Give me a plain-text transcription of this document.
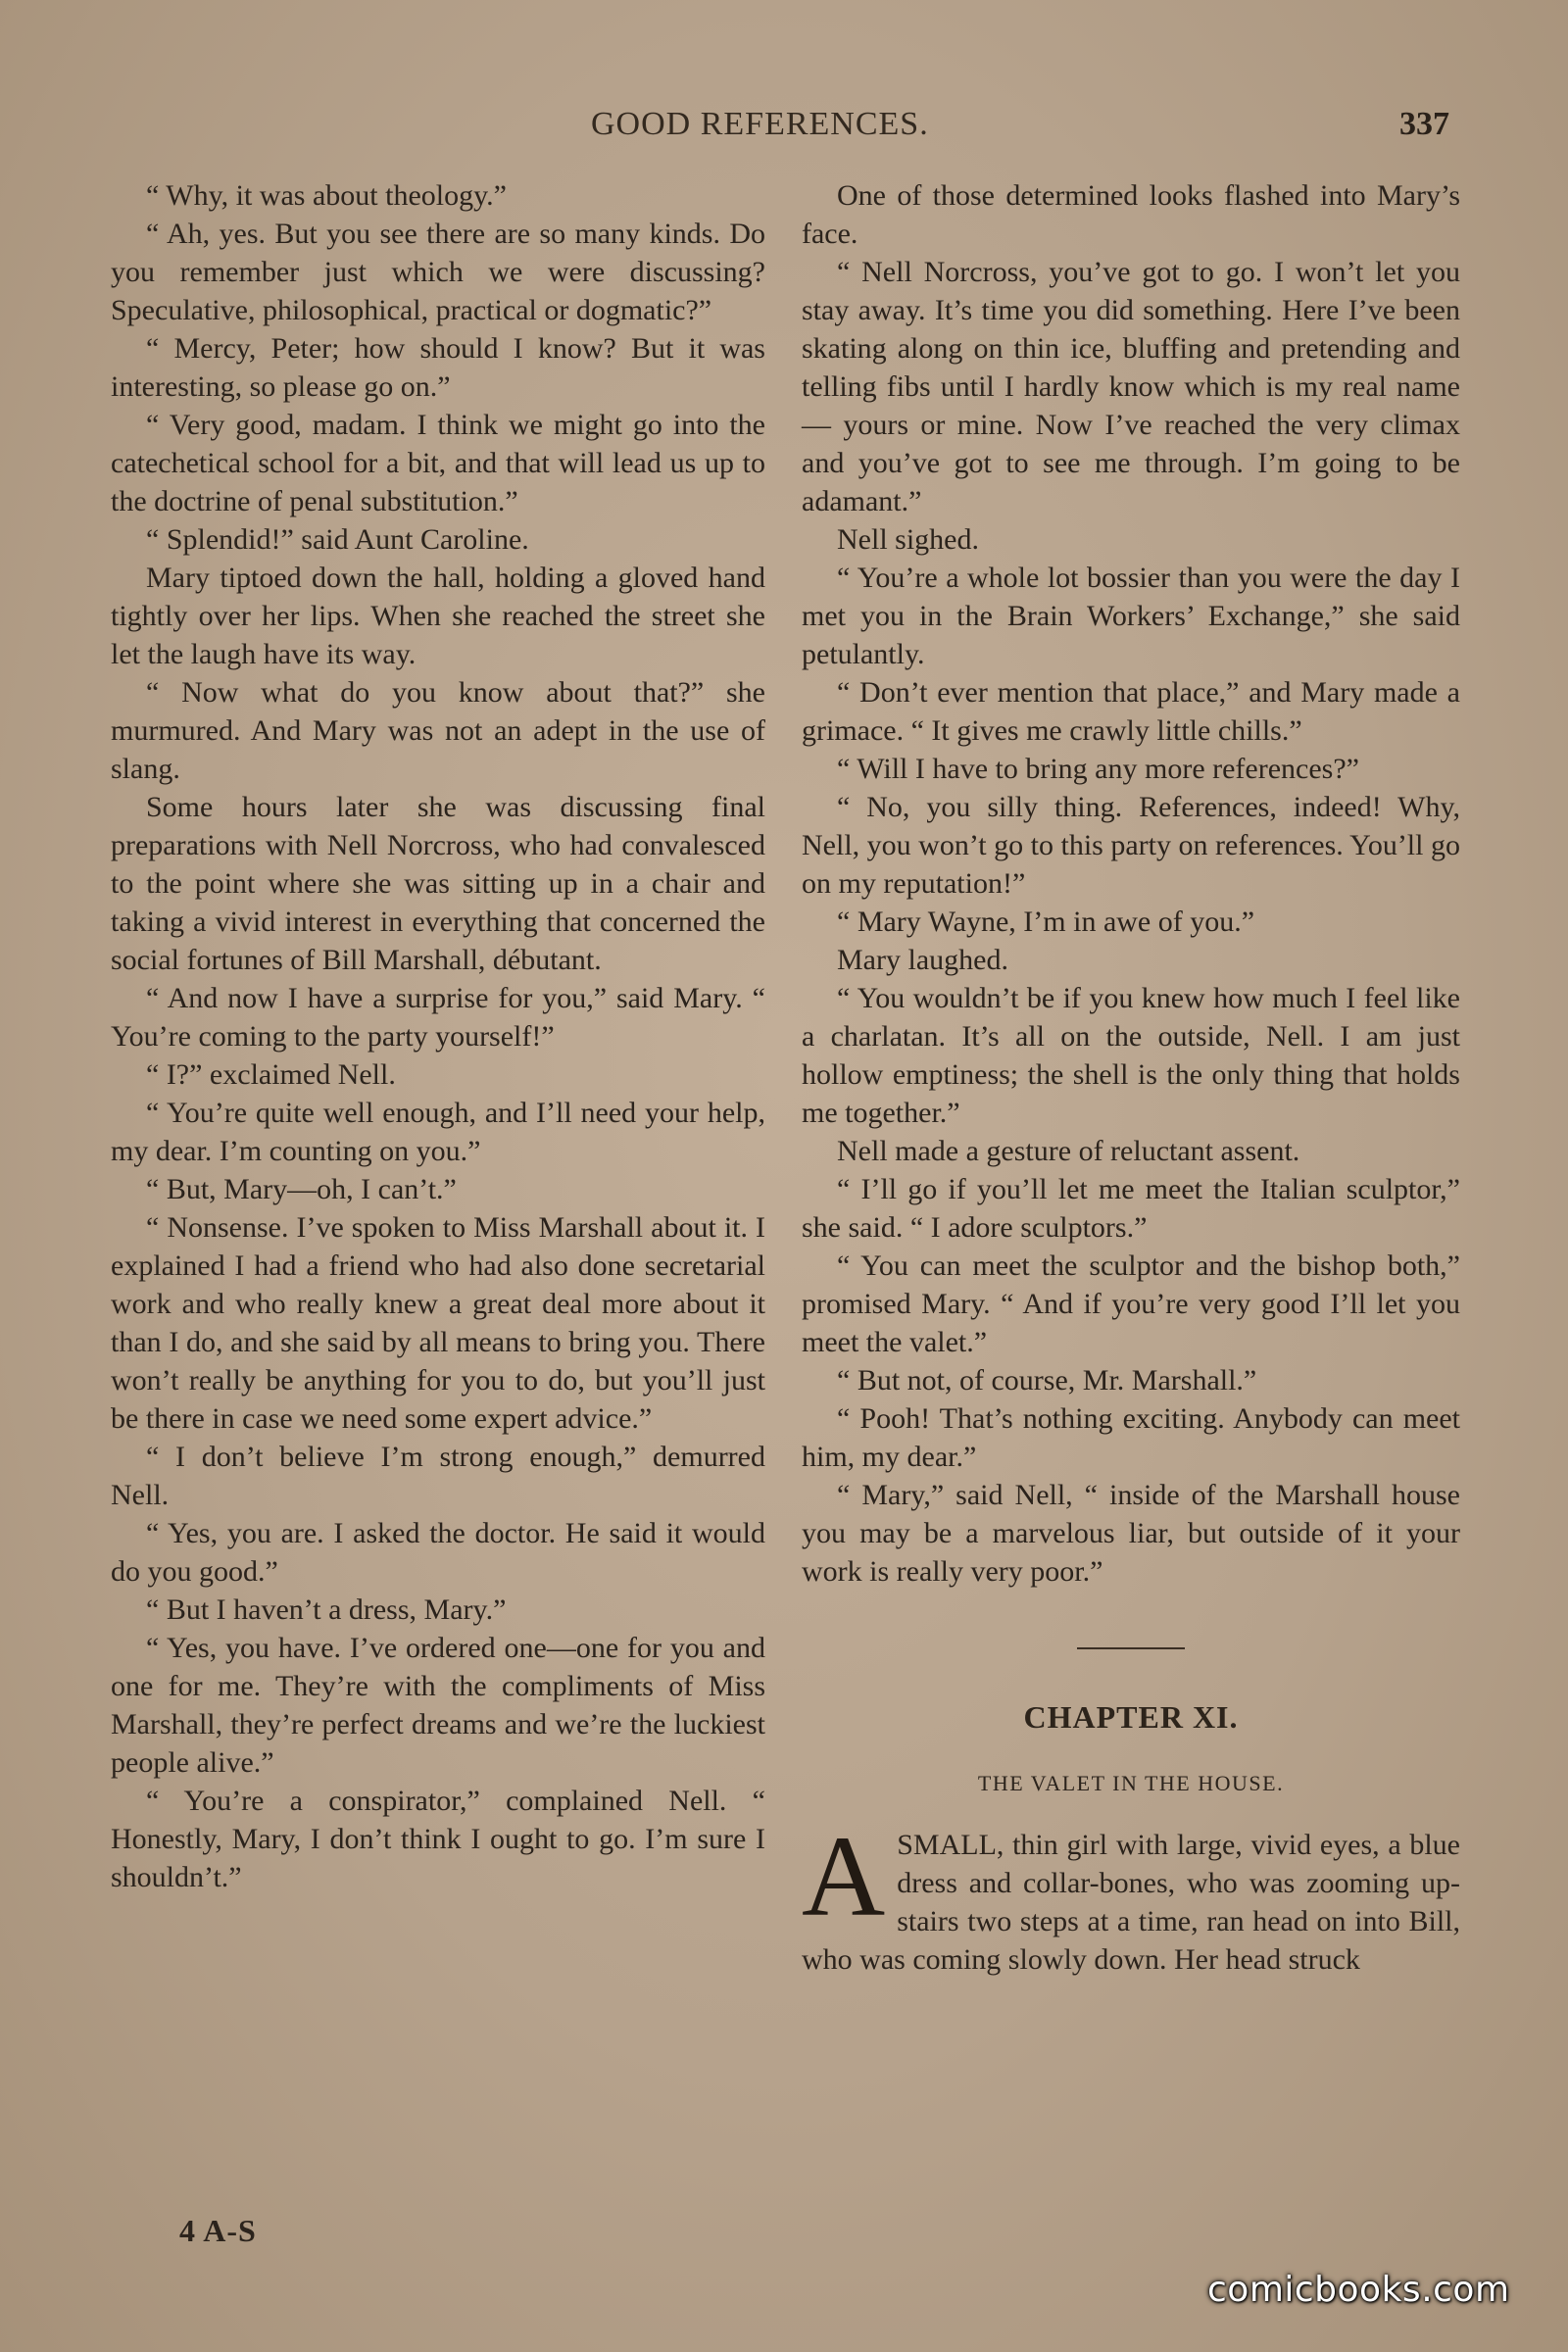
GOOD REFERENCES.	337

“ Why, it was about theology.”

“ Ah, yes. But you see there are so many kinds. Do you remember just which we were discussing? Speculative, philosophical, practical or dogmatic?”

“ Mercy, Peter; how should I know? But it was interesting, so please go on.”

“ Very good, madam. I think we might go into the catechetical school for a bit, and that will lead us up to the doctrine of penal substitution.”

“ Splendid!” said Aunt Caroline.

Mary tiptoed down the hall, holding a gloved hand tightly over her lips. When she reached the street she let the laugh have its way.

“ Now what do you know about that?” she murmured. And Mary was not an adept in the use of slang.

Some hours later she was discussing final preparations with Nell Norcross, who had convalesced to the point where she was sitting up in a chair and taking a vivid interest in everything that concerned the social fortunes of Bill Marshall, débutant.

“ And now I have a surprise for you,” said Mary. “ You’re coming to the party yourself!”

“ I?” exclaimed Nell.

“ You’re quite well enough, and I’ll need your help, my dear. I’m counting on you.”

“ But, Mary—oh, I can’t.”

“ Nonsense. I’ve spoken to Miss Marshall about it. I explained I had a friend who had also done secretarial work and who really knew a great deal more about it than I do, and she said by all means to bring you. There won’t really be anything for you to do, but you’ll just be there in case we need some expert advice.”

“ I don’t believe I’m strong enough,” demurred Nell.

“ Yes, you are. I asked the doctor. He said it would do you good.”

“ But I haven’t a dress, Mary.”

“ Yes, you have. I’ve ordered one—one for you and one for me. They’re with the compliments of Miss Marshall, they’re perfect dreams and we’re the luckiest people alive.”

“ You’re a conspirator,” complained Nell. “ Honestly, Mary, I don’t think I ought to go. I’m sure I shouldn’t.”

One of those determined looks flashed into Mary’s face.

“ Nell Norcross, you’ve got to go. I won’t let you stay away. It’s time you did something. Here I’ve been skating along on thin ice, bluffing and pretending and telling fibs until I hardly know which is my real name — yours or mine. Now I’ve reached the very climax and you’ve got to see me through. I’m going to be adamant.”

Nell sighed.

“ You’re a whole lot bossier than you were the day I met you in the Brain Workers’ Exchange,” she said petulantly.

“ Don’t ever mention that place,” and Mary made a grimace. “ It gives me crawly little chills.”

“ Will I have to bring any more references?”

“ No, you silly thing. References, indeed! Why, Nell, you won’t go to this party on references. You’ll go on my reputation!”

“ Mary Wayne, I’m in awe of you.”

Mary laughed.

“ You wouldn’t be if you knew how much I feel like a charlatan. It’s all on the outside, Nell. I am just hollow emptiness; the shell is the only thing that holds me together.”

Nell made a gesture of reluctant assent.

“ I’ll go if you’ll let me meet the Italian sculptor,” she said. “ I adore sculptors.”

“ You can meet the sculptor and the bishop both,” promised Mary. “ And if you’re very good I’ll let you meet the valet.”

“ But not, of course, Mr. Marshall.”

“ Pooh! That’s nothing exciting. Anybody can meet him, my dear.”

“ Mary,” said Nell, “ inside of the Marshall house you may be a marvelous liar, but outside of it your work is really very poor.”

CHAPTER XI.
THE VALET IN THE HOUSE.

ASMALL, thin girl with large, vivid eyes, a blue dress and collar-bones, who was zooming up-stairs two steps at a time, ran head on into Bill, who was coming slowly down. Her head struck

4 A-S
comicbooks.com
